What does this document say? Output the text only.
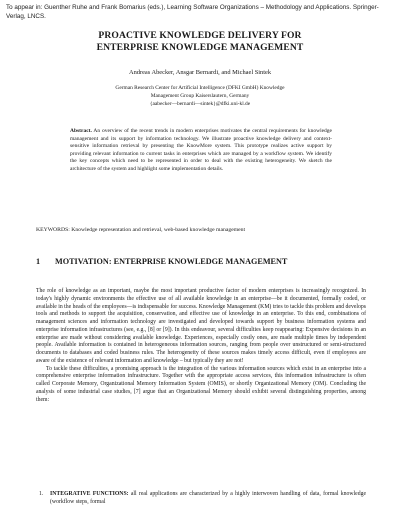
To appear in: Guenther Ruhe and Frank Bomarius (eds.), Learning Software Organizations – Methodology and Applications. Springer-Verlag, LNCS.
PROACTIVE KNOWLEDGE DELIVERY FOR
ENTERPRISE KNOWLEDGE MANAGEMENT
Andreas Abecker, Ansgar Bernardi, and Michael Sintek
German Research Center for Artificial Intelligence (DFKI GmbH) Knowledge
Management Group Kaiserslautern, Germany
{aabecker—bernardi—sintek}@dfki.uni-kl.de
Abstract. An overview of the recent trends in modern enterprises motivates the central requirements for knowledge management and its support by information technology. We illustrate proactive knowledge delivery and context-sensitive information retrieval by presenting the KnowMore system. This prototype realizes active support by providing relevant information to current tasks in enterprises which are managed by a workflow system. We identify the key concepts which need to be represented in order to deal with the existing heterogeneity. We sketch the architecture of the system and highlight some implementation details.
KEYWORDS: Knowledge representation and retrieval, web-based knowledge management
1 MOTIVATION: ENTERPRISE KNOWLEDGE MANAGEMENT

The role of knowledge as an important, maybe the most important productive factor of modern enterprises is increasingly recognized. In today's highly dynamic environments the effective use of all available knowledge in an enterprise—be it documented, formally coded, or available in the heads of the employees—is indispensable for success. Knowledge Management (KM) tries to tackle this problem and develops tools and methods to support the acquisition, conservation, and effective use of knowledge in an enterprise. To this end, combinations of management sciences and information technology are investigated and developed towards support by business information systems and enterprise information infrastructures (see, e.g., [8] or [9]). In this endeavour, several difficulties keep reappearing: Expensive decisions in an enterprise are made without considering available knowledge. Experiences, especially costly ones, are made multiple times by independent people. Available information is contained in heterogeneous information sources, ranging from people over unstructured or semi-structured documents to databases and coded business rules. The heterogeneity of these sources makes timely access difficult, even if employees are aware of the existence of relevant information and knowledge – but typically they are not!

To tackle these difficulties, a promising approach is the integration of the various information sources which exist in an enterprise into a comprehensive enterprise information infrastructure. Together with the appropriate access services, this information infrastructure is often called Corporate Memory, Organizational Memory Information System (OMIS), or shortly Organizational Memory (OM). Concluding the analysis of some industrial case studies, [7] argue that an Organizational Memory should exhibit several distinguishing properties, among them:

1. INTEGRATIVE FUNCTIONS: all real applications are characterized by a highly interwoven handling of data, formal knowledge (workflow steps, formal
